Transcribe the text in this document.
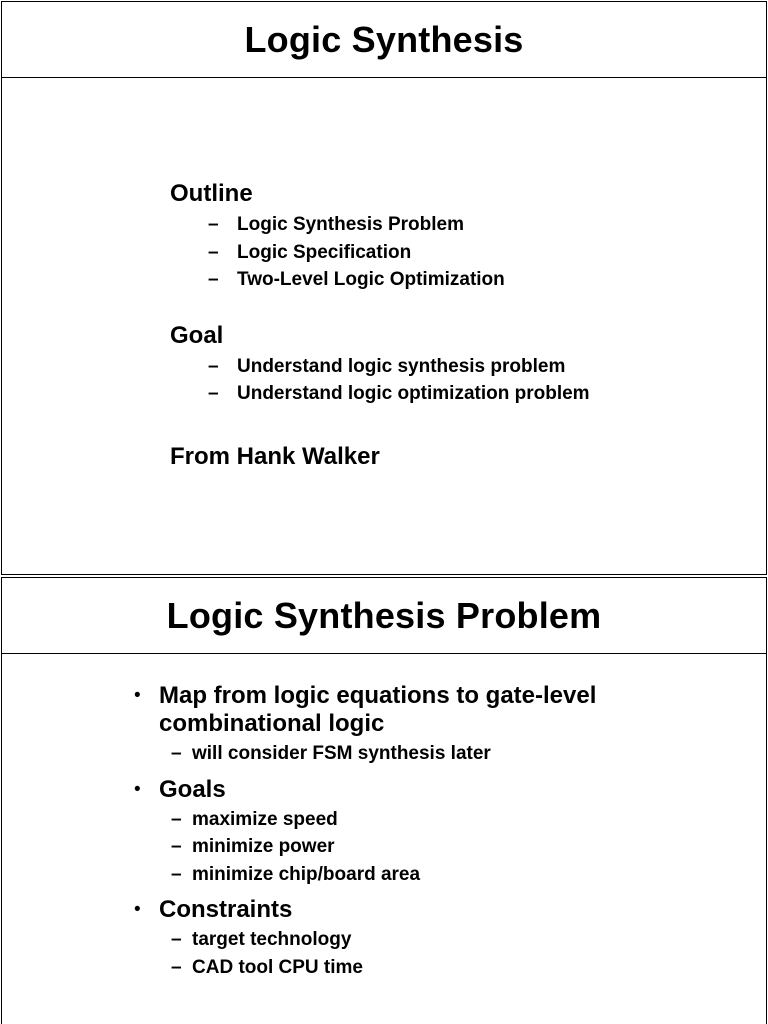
Logic Synthesis
Outline
– Logic Synthesis Problem
– Logic Specification
– Two-Level Logic Optimization
Goal
– Understand logic synthesis problem
– Understand logic optimization problem
From Hank Walker
Logic Synthesis Problem
• Map from logic equations to gate-level
combinational logic
– will consider FSM synthesis later
• Goals
– maximize speed
– minimize power
– minimize chip/board area
• Constraints
– target technology
– CAD tool CPU time
